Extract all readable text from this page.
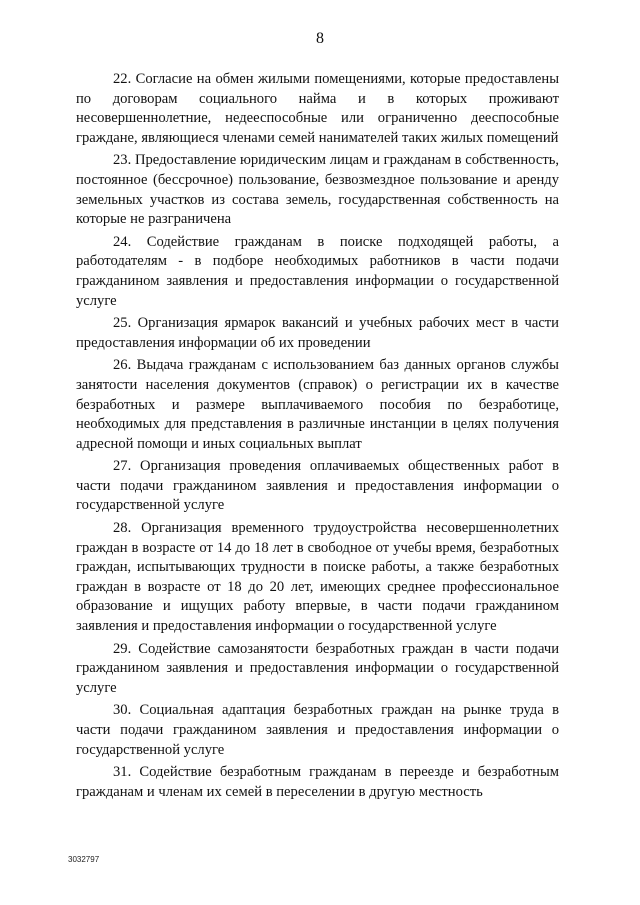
8

22. Согласие на обмен жилыми помещениями, которые предоставлены по договорам социального найма и в которых проживают несовершеннолетние, недееспособные или ограниченно дееспособные граждане, являющиеся членами семей нанимателей таких жилых помещений

23. Предоставление юридическим лицам и гражданам в собственность, постоянное (бессрочное) пользование, безвозмездное пользование и аренду земельных участков из состава земель, государственная собственность на которые не разграничена

24. Содействие гражданам в поиске подходящей работы, а работодателям - в подборе необходимых работников в части подачи гражданином заявления и предоставления информации о государственной услуге

25. Организация ярмарок вакансий и учебных рабочих мест в части предоставления информации об их проведении

26. Выдача гражданам с использованием баз данных органов службы занятости населения документов (справок) о регистрации их в качестве безработных и размере выплачиваемого пособия по безработице, необходимых для представления в различные инстанции в целях получения адресной помощи и иных социальных выплат

27. Организация проведения оплачиваемых общественных работ в части подачи гражданином заявления и предоставления информации о государственной услуге

28. Организация временного трудоустройства несовершеннолетних граждан в возрасте от 14 до 18 лет в свободное от учебы время, безработных граждан, испытывающих трудности в поиске работы, а также безработных граждан в возрасте от 18 до 20 лет, имеющих среднее профессиональное образование и ищущих работу впервые, в части подачи гражданином заявления и предоставления информации о государственной услуге

29. Содействие самозанятости безработных граждан в части подачи гражданином заявления и предоставления информации о государственной услуге

30. Социальная адаптация безработных граждан на рынке труда в части подачи гражданином заявления и предоставления информации о государственной услуге

31. Содействие безработным гражданам в переезде и безработным гражданам и членам их семей в переселении в другую местность

3032797
